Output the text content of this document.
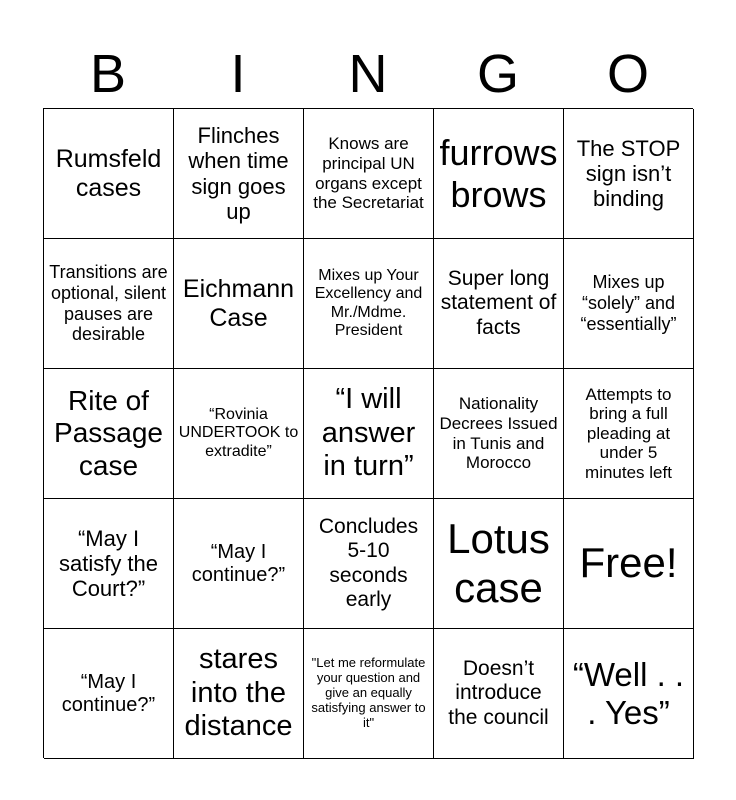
B	I	N	G	O
Rumsfeld cases
Flinches when time sign goes up
Knows are principal UN organs except the Secretariat
furrows brows
The STOP sign isn’t binding
Transitions are optional, silent pauses are desirable
Eichmann Case
Mixes up Your Excellency and Mr./Mdme. President
Super long statement of facts
Mixes up “solely” and “essentially”
Rite of Passage case
“Rovinia UNDERTOOK to extradite”
“I will answer in turn”
Nationality Decrees Issued in Tunis and Morocco
Attempts to bring a full pleading at under 5 minutes left
“May I satisfy the Court?”
“May I continue?”
Concludes 5-10 seconds early
Lotus case
Free!
“May I continue?”
stares into the distance
"Let me reformulate your question and give an equally satisfying answer to it"
Doesn’t introduce the council
“Well . . . Yes”
